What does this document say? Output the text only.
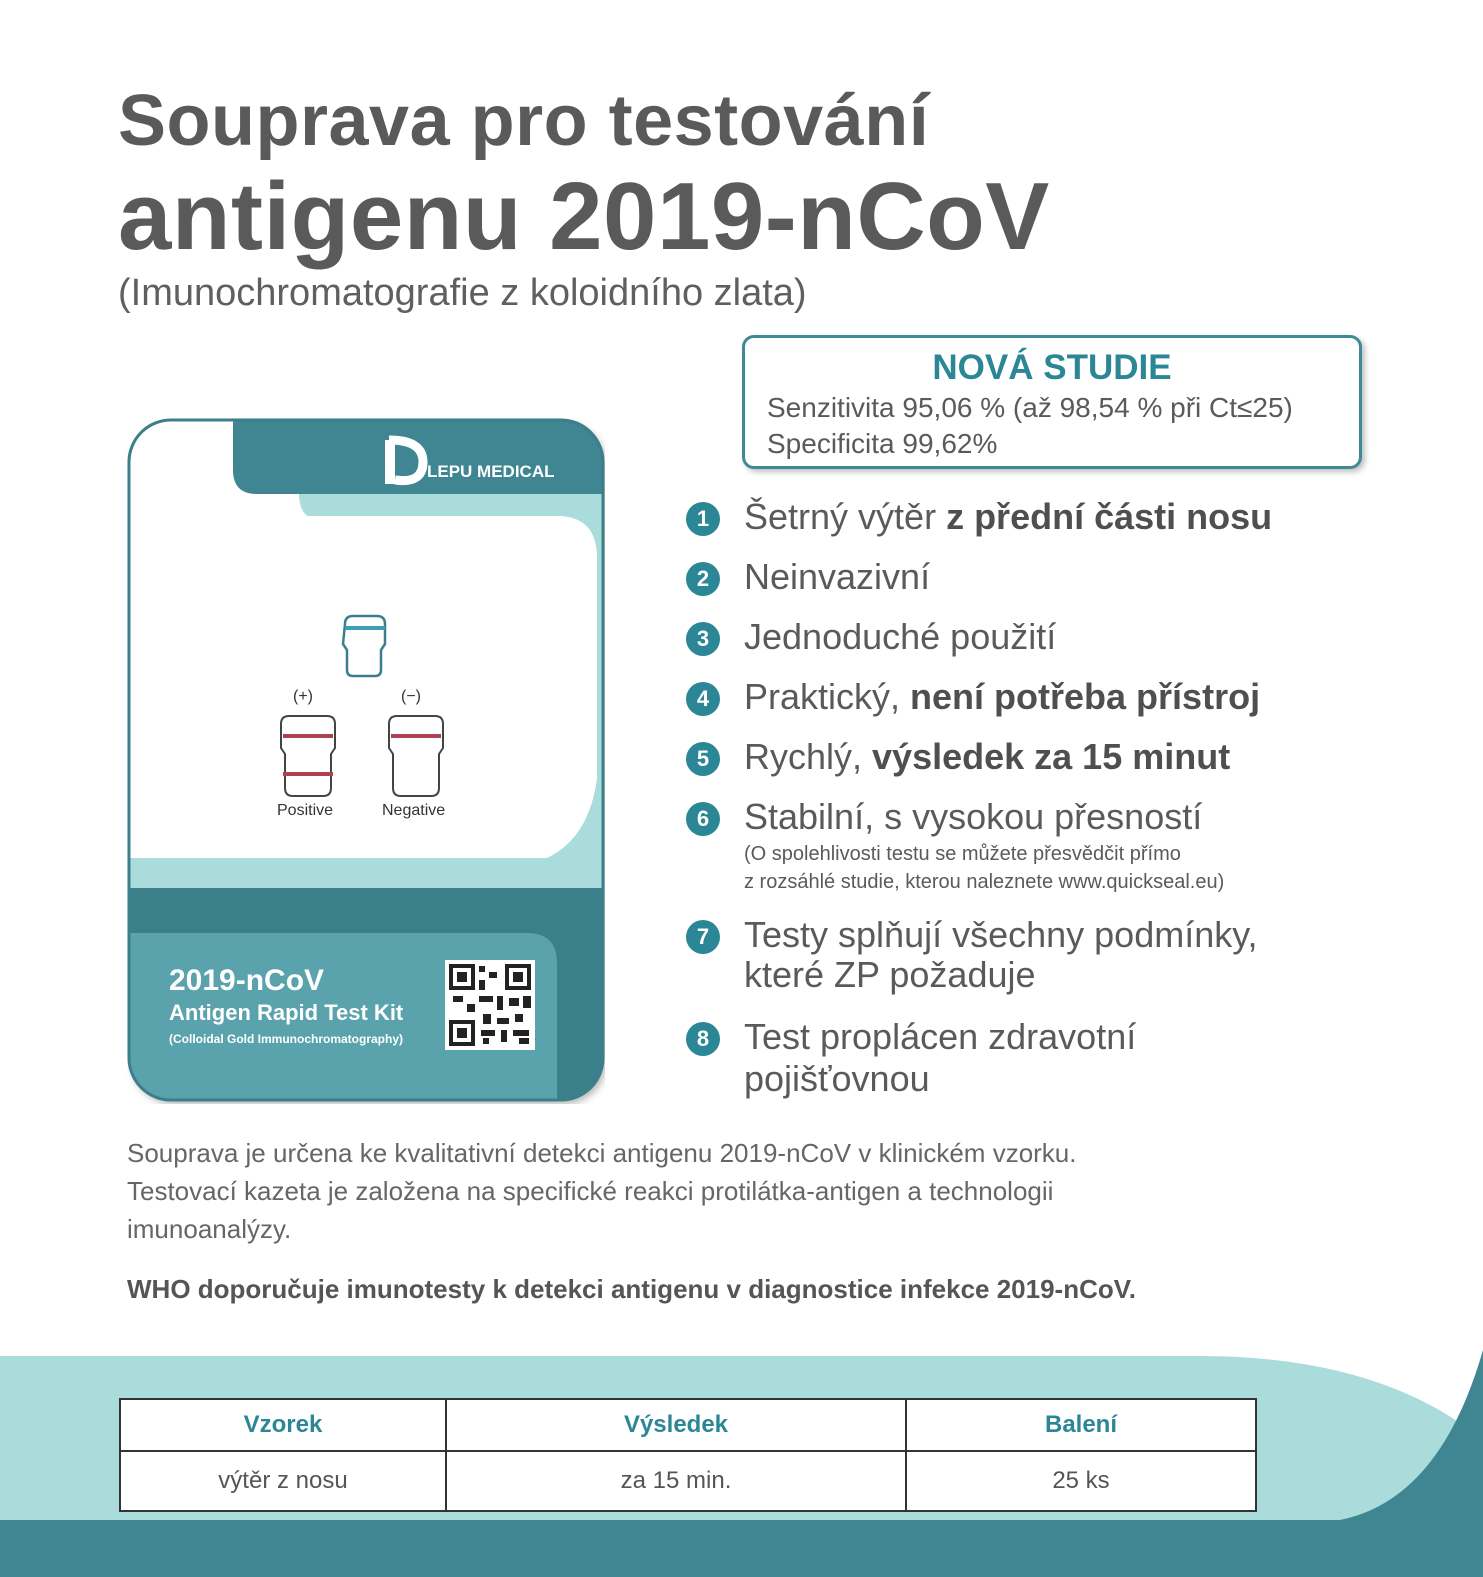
Souprava pro testování
antigenu 2019-nCoV
(Imunochromatografie z koloidního zlata)
NOVÁ STUDIE
Senzitivita 95,06 % (až 98,54 % při Ct≤25)
Specificita 99,62%
LEPU MEDICAL
(+)	(−)
Positive	Negative
2019-nCoV
Antigen Rapid Test Kit
(Colloidal Gold Immunochromatography)
1 Šetrný výtěr z přední části nosu
2 Neinvazivní
3 Jednoduché použití
4 Praktický, není potřeba přístroj
5 Rychlý, výsledek za 15 minut
6 Stabilní, s vysokou přesností
(O spolehlivosti testu se můžete přesvědčit přímo
z rozsáhlé studie, kterou naleznete www.quickseal.eu)
7 Testy splňují všechny podmínky,
které ZP požaduje
8 Test proplácen zdravotní
pojišťovnou
Souprava je určena ke kvalitativní detekci antigenu 2019-nCoV v klinickém vzorku.
Testovací kazeta je založena na specifické reakci protilátka-antigen a technologii
imunoanalýzy.
WHO doporučuje imunotesty k detekci antigenu v diagnostice infekce 2019-nCoV.
Vzorek	Výsledek	Balení
výtěr z nosu	za 15 min.	25 ks
